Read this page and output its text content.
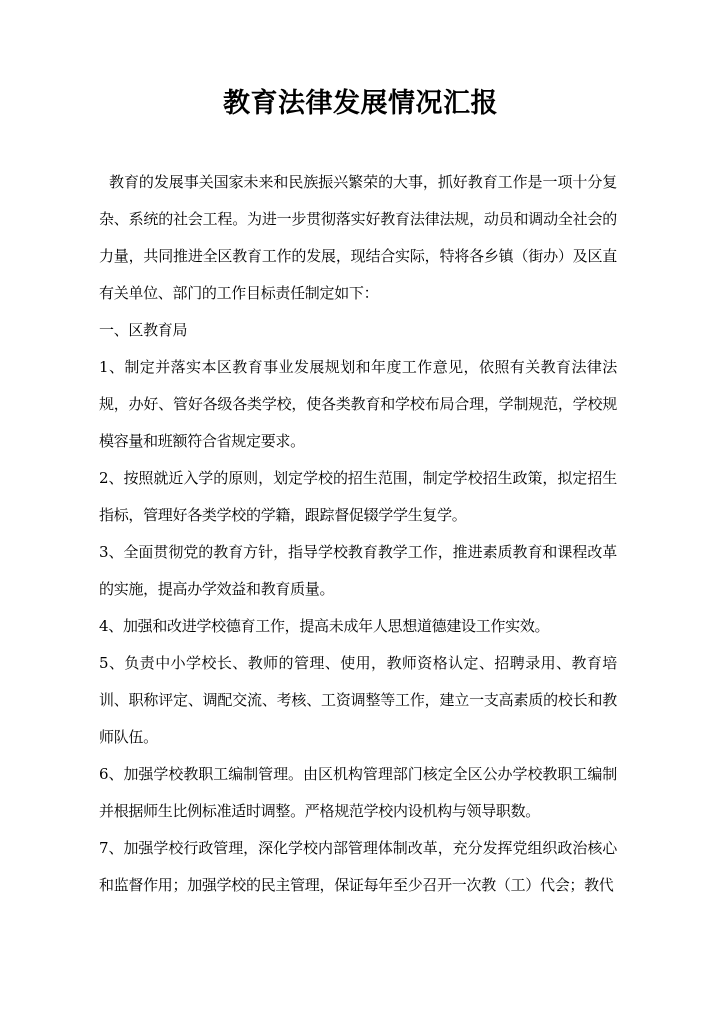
教育法律发展情况汇报

教育的发展事关国家未来和民族振兴繁荣的大事，抓好教育工作是一项十分复杂、系统的社会工程。为进一步贯彻落实好教育法律法规，动员和调动全社会的力量，共同推进全区教育工作的发展，现结合实际，特将各乡镇（街办）及区直有关单位、部门的工作目标责任制定如下：

一、区教育局

1、制定并落实本区教育事业发展规划和年度工作意见，依照有关教育法律法规，办好、管好各级各类学校，使各类教育和学校布局合理，学制规范，学校规模容量和班额符合省规定要求。

2、按照就近入学的原则，划定学校的招生范围，制定学校招生政策，拟定招生指标，管理好各类学校的学籍，跟踪督促辍学学生复学。

3、全面贯彻党的教育方针，指导学校教育教学工作，推进素质教育和课程改革的实施，提高办学效益和教育质量。

4、加强和改进学校德育工作，提高未成年人思想道德建设工作实效。

5、负责中小学校长、教师的管理、使用，教师资格认定、招聘录用、教育培训、职称评定、调配交流、考核、工资调整等工作，建立一支高素质的校长和教师队伍。

6、加强学校教职工编制管理。由区机构管理部门核定全区公办学校教职工编制并根据师生比例标准适时调整。严格规范学校内设机构与领导职数。

7、加强学校行政管理，深化学校内部管理体制改革，充分发挥党组织政治核心和监督作用；加强学校的民主管理，保证每年至少召开一次教（工）代会；教代
